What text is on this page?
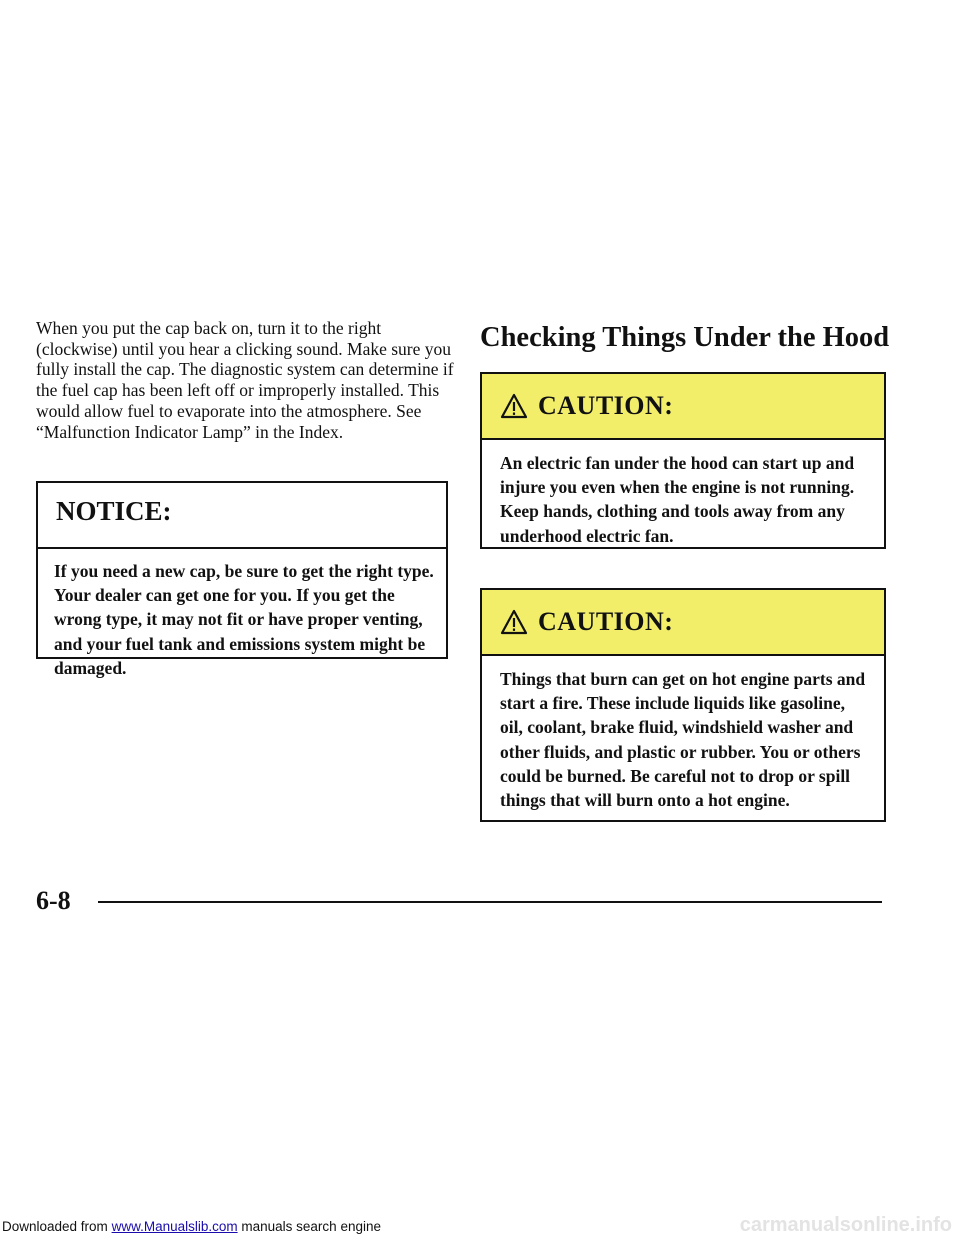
When you put the cap back on, turn it to the right (clockwise) until you hear a clicking sound. Make sure you fully install the cap. The diagnostic system can determine if the fuel cap has been left off or improperly installed. This would allow fuel to evaporate into the atmosphere. See “Malfunction Indicator Lamp” in the Index.

NOTICE:
If you need a new cap, be sure to get the right type. Your dealer can get one for you. If you get the wrong type, it may not fit or have proper venting, and your fuel tank and emissions system might be damaged.
Checking Things Under the Hood
CAUTION:
An electric fan under the hood can start up and injure you even when the engine is not running. Keep hands, clothing and tools away from any underhood electric fan.
CAUTION:
Things that burn can get on hot engine parts and start a fire. These include liquids like gasoline, oil, coolant, brake fluid, windshield washer and other fluids, and plastic or rubber. You or others could be burned. Be careful not to drop or spill things that will burn onto a hot engine.
6-8
Downloaded from www.Manualslib.com manuals search engine	carmanualsonline.info
